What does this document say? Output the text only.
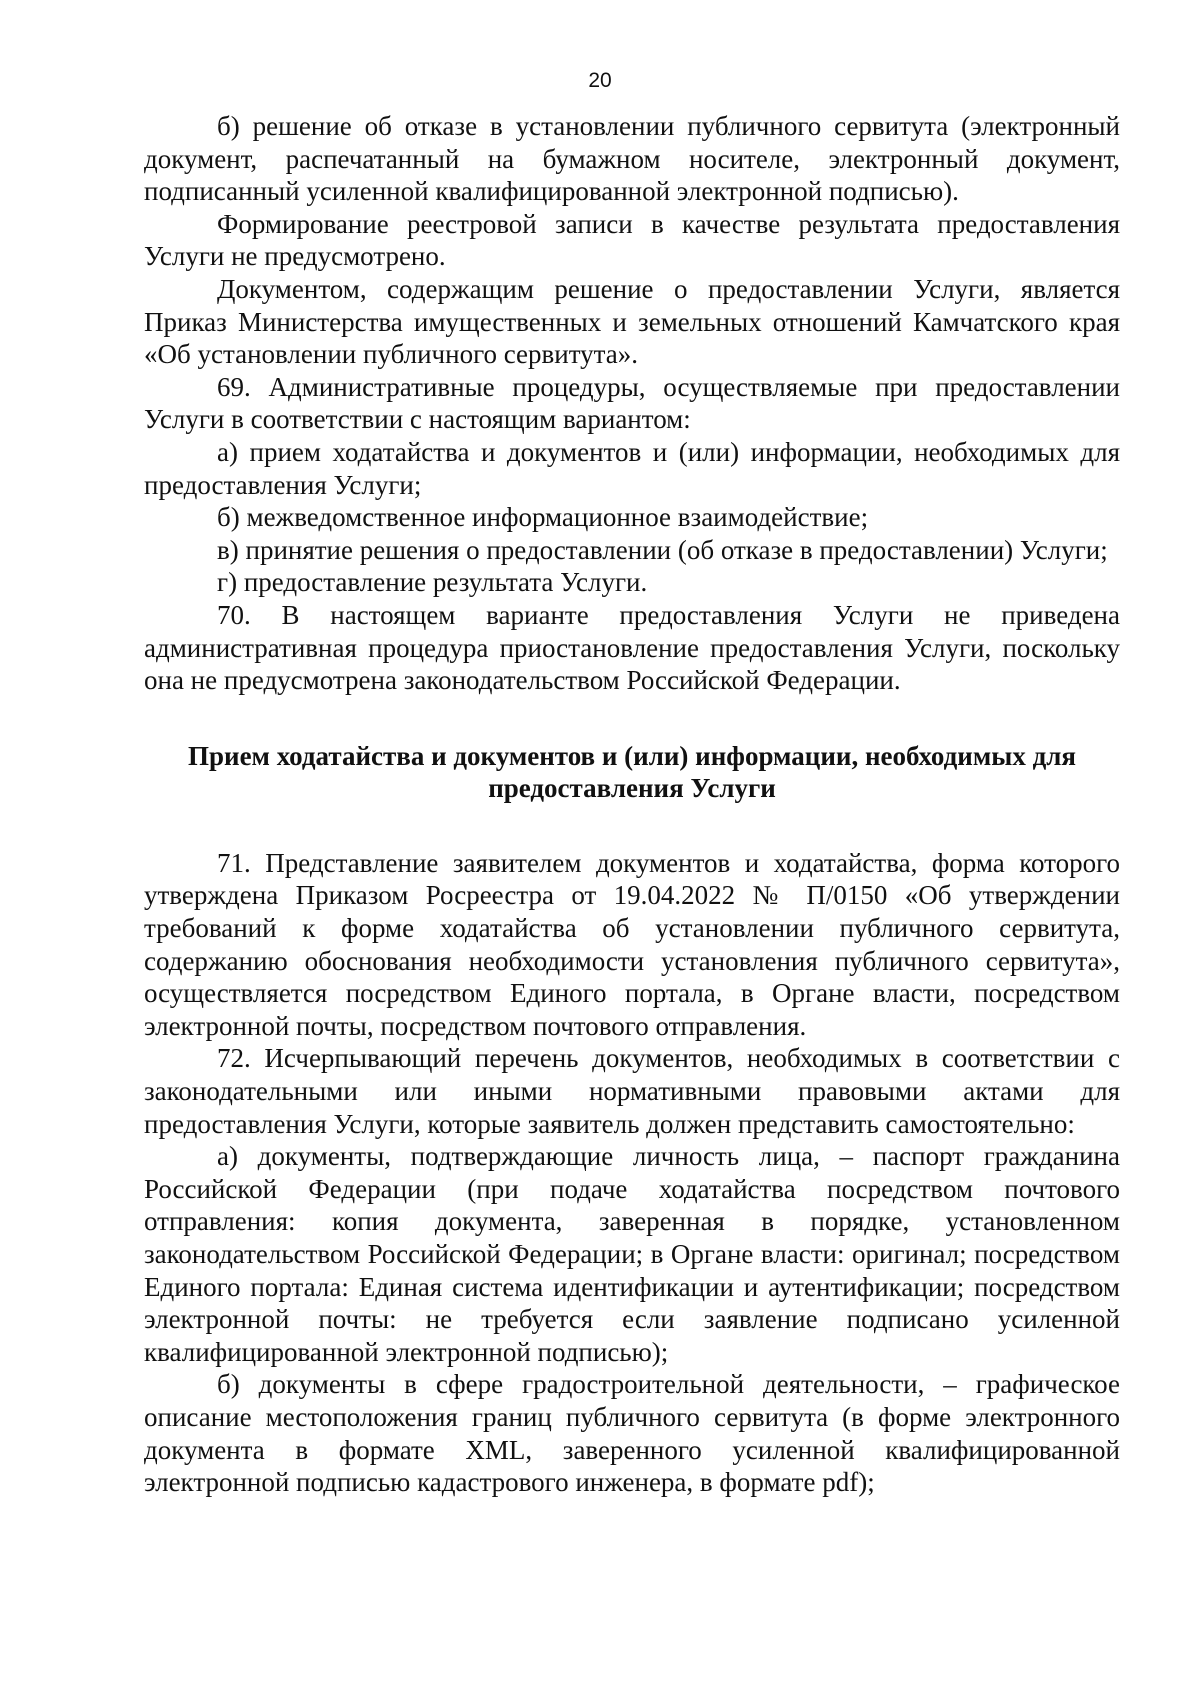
20

б) решение об отказе в установлении публичного сервитута (электронный документ, распечатанный на бумажном носителе, электронный документ, подписанный усиленной квалифицированной электронной подписью).

Формирование реестровой записи в качестве результата предоставления Услуги не предусмотрено.

Документом, содержащим решение о предоставлении Услуги, является Приказ Министерства имущественных и земельных отношений Камчатского края «Об установлении публичного сервитута».

69. Административные процедуры, осуществляемые при предоставлении Услуги в соответствии с настоящим вариантом:

а) прием ходатайства и документов и (или) информации, необходимых для предоставления Услуги;

б) межведомственное информационное взаимодействие;

в) принятие решения о предоставлении (об отказе в предоставлении) Услуги;

г) предоставление результата Услуги.

70. В настоящем варианте предоставления Услуги не приведена административная процедура приостановление предоставления Услуги, поскольку она не предусмотрена законодательством Российской Федерации.

Прием ходатайства и документов и (или) информации, необходимых для предоставления Услуги

71. Представление заявителем документов и ходатайства, форма которого утверждена Приказом Росреестра от 19.04.2022 № П/0150 «Об утверждении требований к форме ходатайства об установлении публичного сервитута, содержанию обоснования необходимости установления публичного сервитута», осуществляется посредством Единого портала, в Органе власти, посредством электронной почты, посредством почтового отправления.

72. Исчерпывающий перечень документов, необходимых в соответствии с законодательными или иными нормативными правовыми актами для предоставления Услуги, которые заявитель должен представить самостоятельно:

а) документы, подтверждающие личность лица, – паспорт гражданина Российской Федерации (при подаче ходатайства посредством почтового отправления: копия документа, заверенная в порядке, установленном законодательством Российской Федерации; в Органе власти: оригинал; посредством Единого портала: Единая система идентификации и аутентификации; посредством электронной почты: не требуется если заявление подписано усиленной квалифицированной электронной подписью);

б) документы в сфере градостроительной деятельности, – графическое описание местоположения границ публичного сервитута (в форме электронного документа в формате XML, заверенного усиленной квалифицированной электронной подписью кадастрового инженера, в формате pdf);
